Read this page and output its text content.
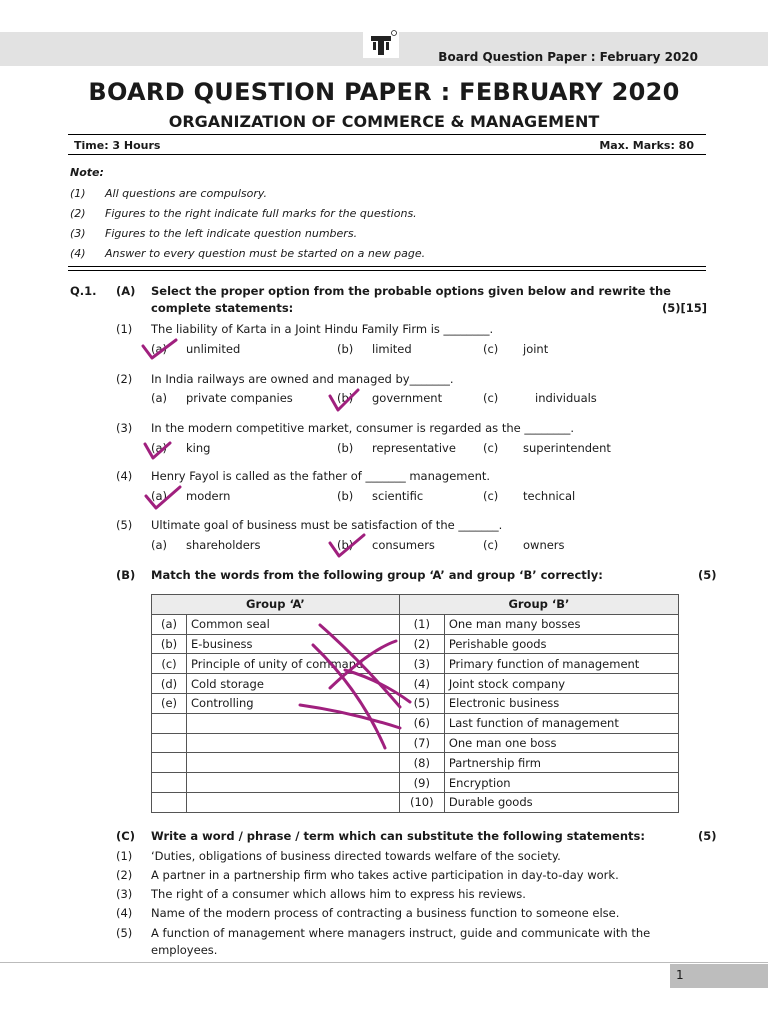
Board Question Paper : February 2020
BOARD QUESTION PAPER : FEBRUARY 2020
ORGANIZATION OF COMMERCE & MANAGEMENT
Time: 3 Hours	Max. Marks: 80
Note:
(1) All questions are compulsory.
(2) Figures to the right indicate full marks for the questions.
(3) Figures to the left indicate question numbers.
(4) Answer to every question must be started on a new page.
Q.1. (A) Select the proper option from the probable options given below and rewrite the
complete statements:	(5)[15]
(1) The liability of Karta in a Joint Hindu Family Firm is ________.
(a) unlimited	(b) limited	(c) joint
(2) In India railways are owned and managed by_______.
(a) private companies	(b) government	(c)	individuals
(3) In the modern competitive market, consumer is regarded as the ________.
(a) king	(b) representative (c) superintendent
(4) Henry Fayol is called as the father of _______ management.
(a) modern	(b) scientific	(c) technical
(5) Ultimate goal of business must be satisfaction of the _______.
(a) shareholders	(b) consumers	(c) owners
(B) Match the words from the following group ‘A’ and group ‘B’ correctly:	(5)
Group ‘A’		Group ‘B’	
(a)	Common seal	(1)	One man many bosses
(b)	E-business	(2)	Perishable goods
(c)	Principle of unity of command	(3)	Primary function of management
(d)	Cold storage	(4)	Joint stock company
(e)	Controlling	(5)	Electronic business
		(6)	Last function of management
		(7)	One man one boss
		(8)	Partnership firm
		(9)	Encryption
		(10)	Durable goods
(C) Write a word / phrase / term which can substitute the following statements:	(5)
(1) ‘Duties, obligations of business directed towards welfare of the society.
(2) A partner in a partnership firm who takes active participation in day-to-day work.
(3) The right of a consumer which allows him to express his reviews.
(4) Name of the modern process of contracting a business function to someone else.
(5) A function of management where managers instruct, guide and communicate with the
employees.
1
